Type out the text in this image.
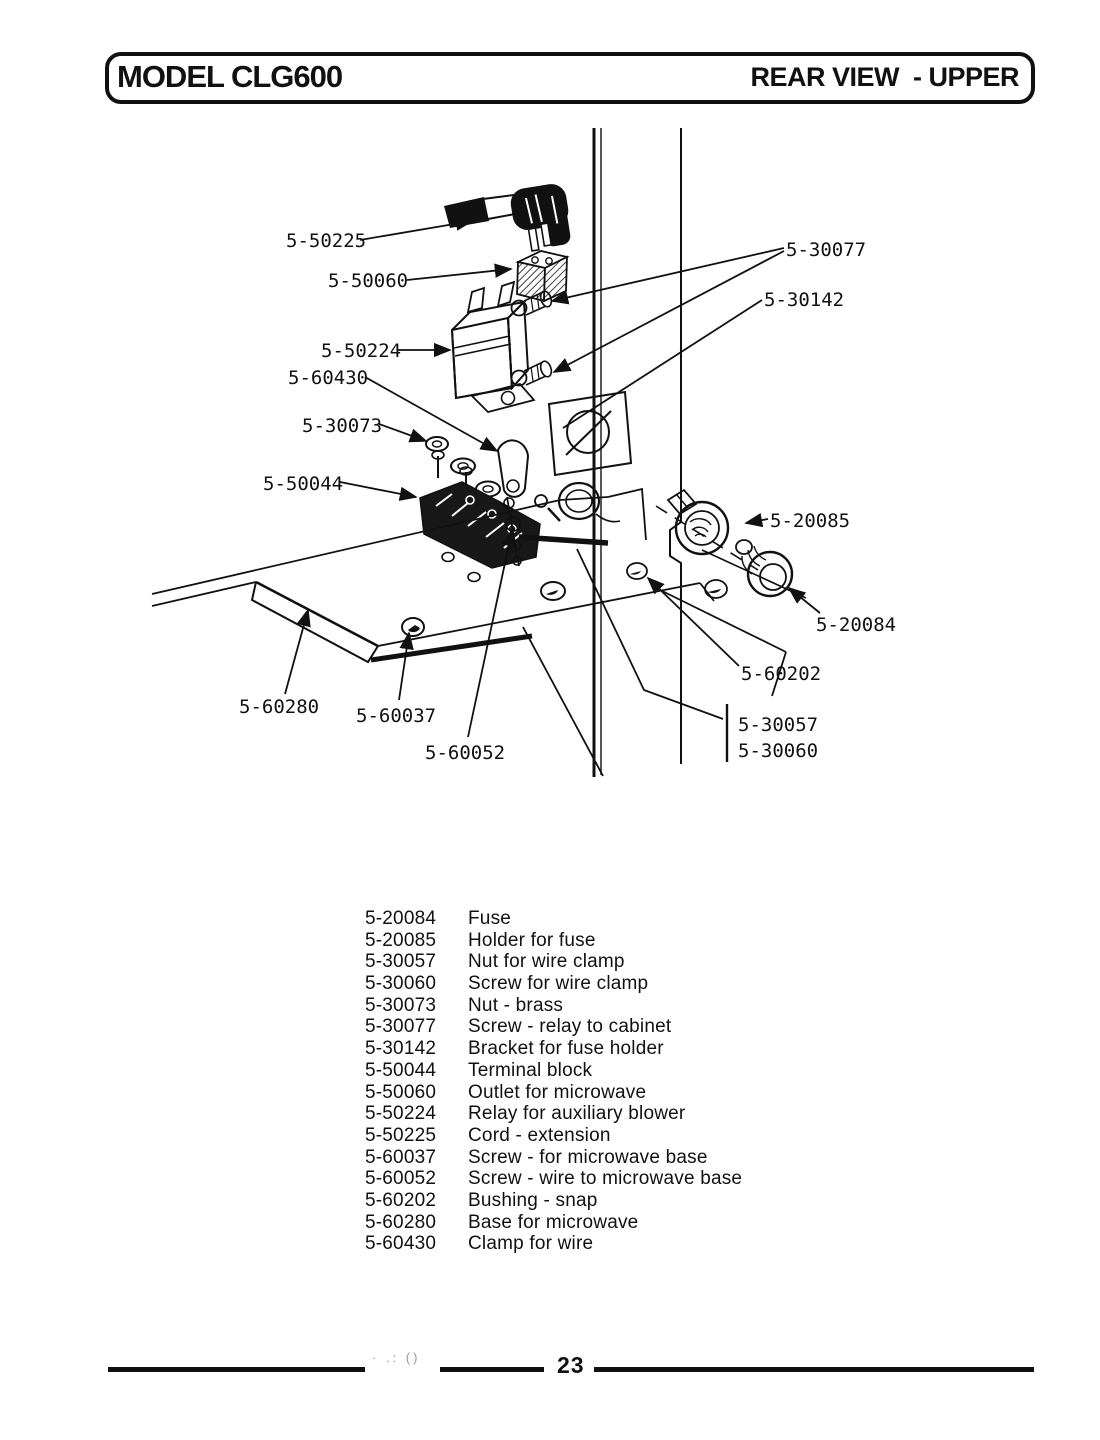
MODEL CLG600	REAR VIEW  - UPPER
5-50225
5-50060
5-30077
5-30142
5-50224
5-60430
5-30073
5-50044
5-20085
5-20084
5-60202
5-30057
5-30060
5-60280 5-60037
5-60052
5-20084 Fuse
5-20085 Holder for fuse
5-30057 Nut for wire clamp
5-30060 Screw for wire clamp
5-30073 Nut - brass
5-30077 Screw - relay to cabinet
5-30142 Bracket for fuse holder
5-50044 Terminal block
5-50060 Outlet for microwave
5-50224 Relay for auxiliary blower
5-50225 Cord - extension
5-60037 Screw - for microwave base
5-60052 Screw - wire to microwave base
5-60202 Bushing - snap
5-60280 Base for microwave
5-60430 Clamp for wire
· .: ()	23
